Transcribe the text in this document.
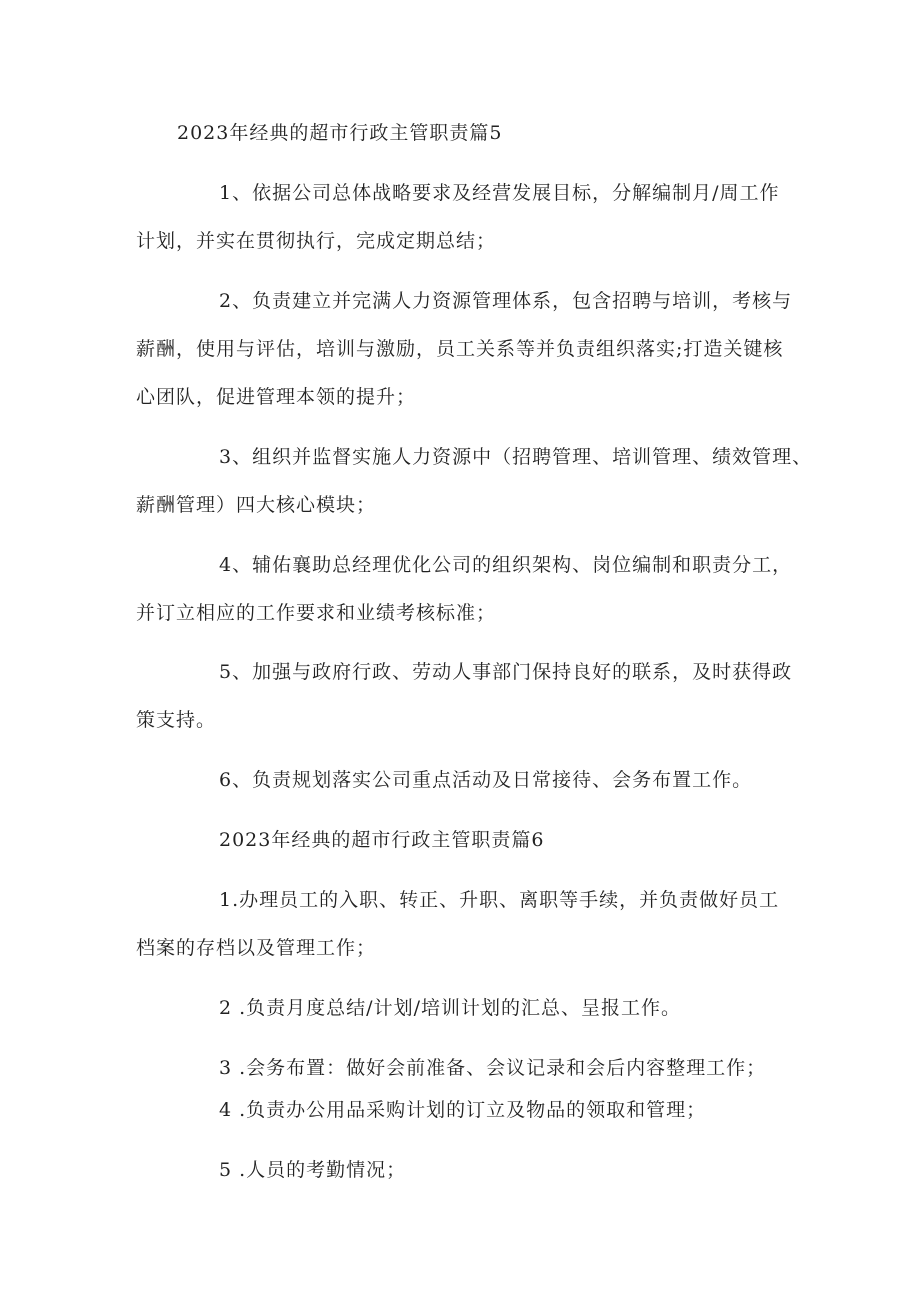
2023年经典的超市行政主管职责篇5
1、依据公司总体战略要求及经营发展目标，分解编制月/周工作
计划，并实在贯彻执行，完成定期总结；
2、负责建立并完满人力资源管理体系，包含招聘与培训，考核与
薪酬，使用与评估，培训与激励，员工关系等并负责组织落实;打造关键核
心团队，促进管理本领的提升；
3、组织并监督实施人力资源中（招聘管理、培训管理、绩效管理、
薪酬管理）四大核心模块；
4、辅佑襄助总经理优化公司的组织架构、岗位编制和职责分工，
并订立相应的工作要求和业绩考核标准；
5、加强与政府行政、劳动人事部门保持良好的联系，及时获得政
策支持。
6、负责规划落实公司重点活动及日常接待、会务布置工作。
2023年经典的超市行政主管职责篇6
1.办理员工的入职、转正、升职、离职等手续，并负责做好员工
档案的存档以及管理工作；
2 .负责月度总结/计划/培训计划的汇总、呈报工作。
3 .会务布置：做好会前准备、会议记录和会后内容整理工作；
4 .负责办公用品采购计划的订立及物品的领取和管理；
5 .人员的考勤情况；
